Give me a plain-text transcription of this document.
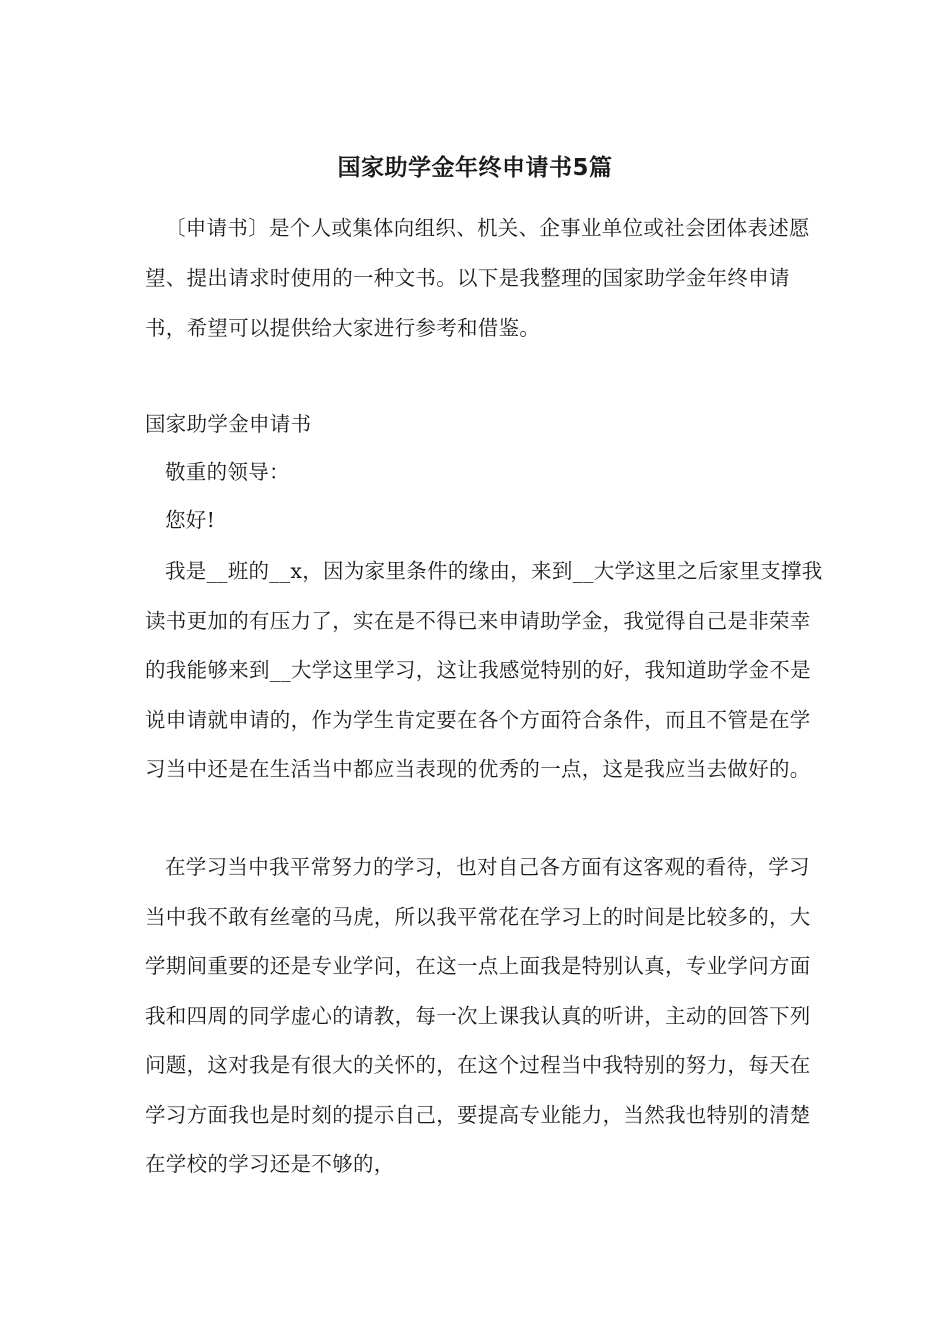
国家助学金年终申请书5篇

〔申请书〕是个人或集体向组织、机关、企事业单位或社会团体表述愿望、提出请求时使用的一种文书。以下是我整理的国家助学金年终申请书，希望可以提供给大家进行参考和借鉴。

国家助学金申请书

敬重的领导：

您好!

我是__班的__x，因为家里条件的缘由，来到__大学这里之后家里支撑我读书更加的有压力了，实在是不得已来申请助学金，我觉得自己是非荣幸的我能够来到__大学这里学习，这让我感觉特别的好，我知道助学金不是说申请就申请的，作为学生肯定要在各个方面符合条件，而且不管是在学习当中还是在生活当中都应当表现的优秀的一点，这是我应当去做好的。

在学习当中我平常努力的学习，也对自己各方面有这客观的看待，学习当中我不敢有丝毫的马虎，所以我平常花在学习上的时间是比较多的，大学期间重要的还是专业学问，在这一点上面我是特别认真，专业学问方面我和四周的同学虚心的请教，每一次上课我认真的听讲，主动的回答下列问题，这对我是有很大的关怀的，在这个过程当中我特别的努力，每天在学习方面我也是时刻的提示自己，要提高专业能力，当然我也特别的清楚在学校的学习还是不够的，
